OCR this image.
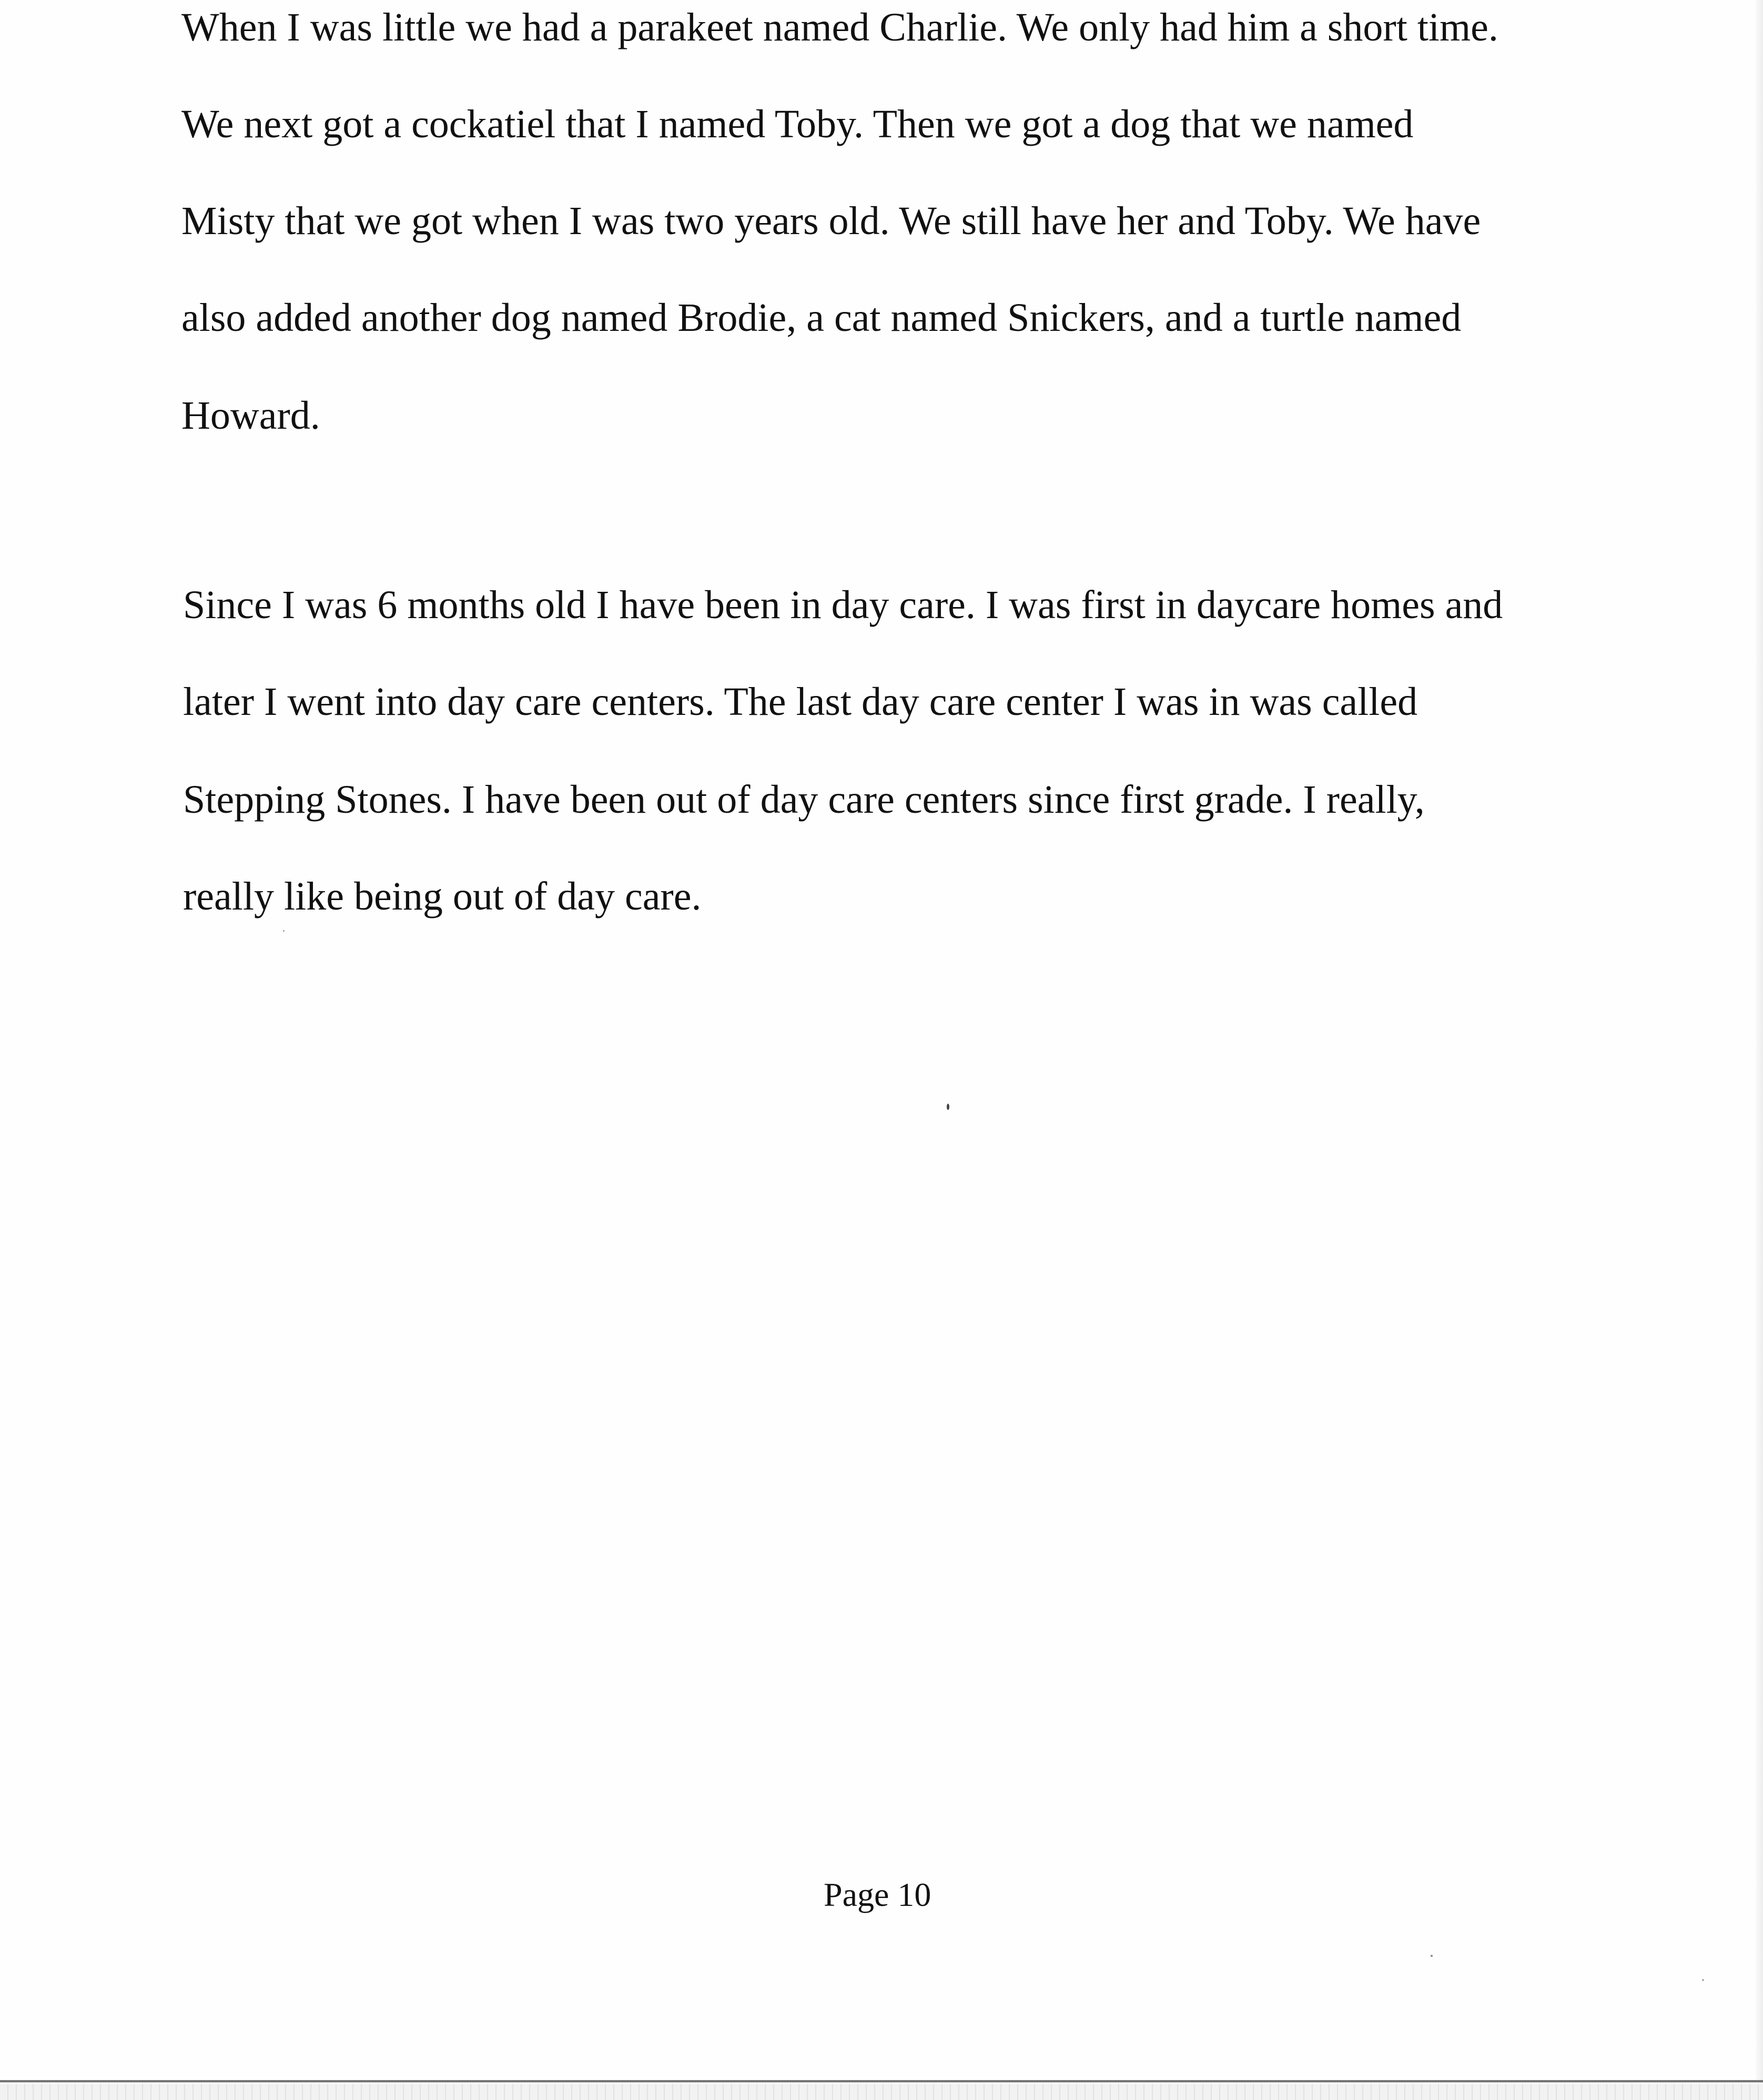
When I was little we had a parakeet named Charlie. We only had him a short time.
We next got a cockatiel that I named Toby. Then we got a dog that we named
Misty that we got when I was two years old. We still have her and Toby. We have
also added another dog named Brodie, a cat named Snickers, and a turtle named
Howard.
Since I was 6 months old I have been in day care. I was first in daycare homes and
later I went into day care centers. The last day care center I was in was called
Stepping Stones. I have been out of day care centers since first grade. I really,
really like being out of day care.
Page 10
